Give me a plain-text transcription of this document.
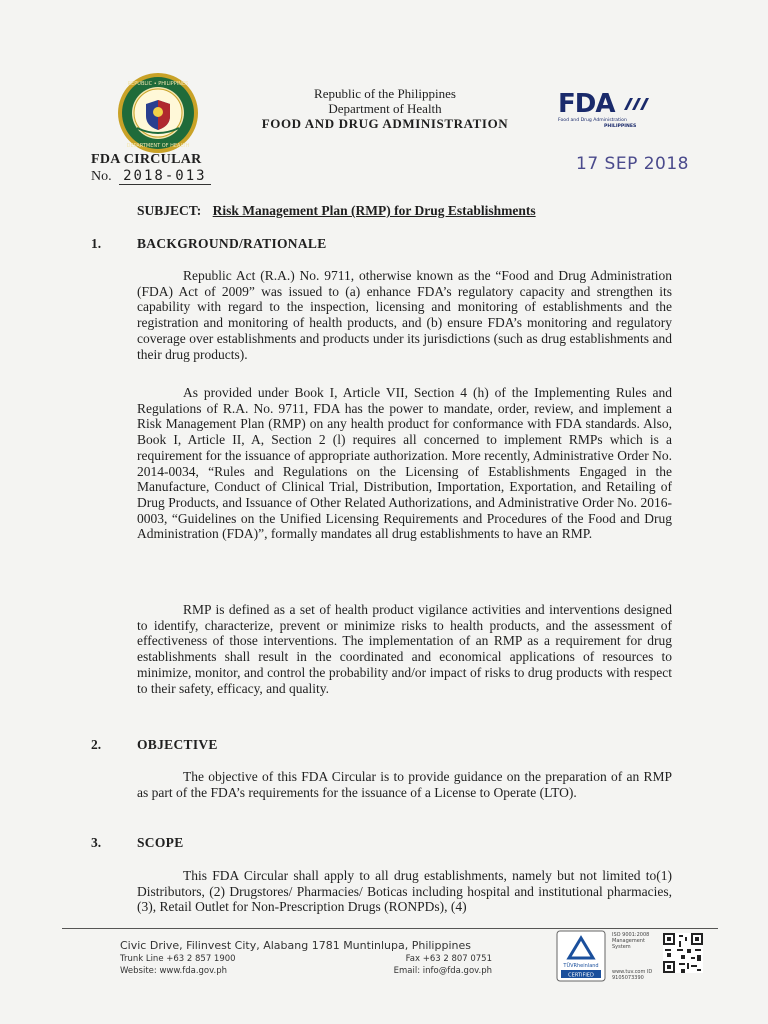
REPUBLIC • PHILIPPINES
DEPARTMENT OF HEALTH
Republic of the Philippines
Department of Health
FOOD AND DRUG ADMINISTRATION
FDA
Food and Drug Administration
PHILIPPINES
FDA CIRCULAR
No. 2018-013
17 SEP 2018
SUBJECT: Risk Management Plan (RMP) for Drug Establishments
1.	BACKGROUND/RATIONALE

Republic Act (R.A.) No. 9711, otherwise known as the “Food and Drug Administration (FDA) Act of 2009” was issued to (a) enhance FDA’s regulatory capacity and strengthen its capability with regard to the inspection, licensing and monitoring of establishments and the registration and monitoring of health products, and (b) ensure FDA’s monitoring and regulatory coverage over establishments and products under its jurisdictions (such as drug establishments and their drug products).

As provided under Book I, Article VII, Section 4 (h) of the Implementing Rules and Regulations of R.A. No. 9711, FDA has the power to mandate, order, review, and implement a Risk Management Plan (RMP) on any health product for conformance with FDA standards. Also, Book I, Article II, A, Section 2 (l) requires all concerned to implement RMPs which is a requirement for the issuance of appropriate authorization. More recently, Administrative Order No. 2014-0034, “Rules and Regulations on the Licensing of Establishments Engaged in the Manufacture, Conduct of Clinical Trial, Distribution, Importation, Exportation, and Retailing of Drug Products, and Issuance of Other Related Authorizations, and Administrative Order No. 2016-0003, “Guidelines on the Unified Licensing Requirements and Procedures of the Food and Drug Administration (FDA)”, formally mandates all drug establishments to have an RMP.

RMP is defined as a set of health product vigilance activities and interventions designed to identify, characterize, prevent or minimize risks to health products, and the assessment of effectiveness of those interventions. The implementation of an RMP as a requirement for drug establishments shall result in the coordinated and economical applications of resources to minimize, monitor, and control the probability and/or impact of risks to drug products with respect to their safety, efficacy, and quality.

2.	OBJECTIVE

The objective of this FDA Circular is to provide guidance on the preparation of an RMP as part of the FDA’s requirements for the issuance of a License to Operate (LTO).

3.	SCOPE

This FDA Circular shall apply to all drug establishments, namely but not limited to(1) Distributors, (2) Drugstores/ Pharmacies/ Boticas including hospital and institutional pharmacies, (3), Retail Outlet for Non-Prescription Drugs (RONPDs), (4)

Civic Drive, Filinvest City, Alabang 1781 Muntinlupa, Philippines
Trunk Line +63 2 857 1900	Fax +63 2 807 0751
Website: www.fda.gov.ph	Email: info@fda.gov.ph	TÜVRheinland
CERTIFIED
ISO 9001:2008 Management System
www.tuv.com ID 9105073390
